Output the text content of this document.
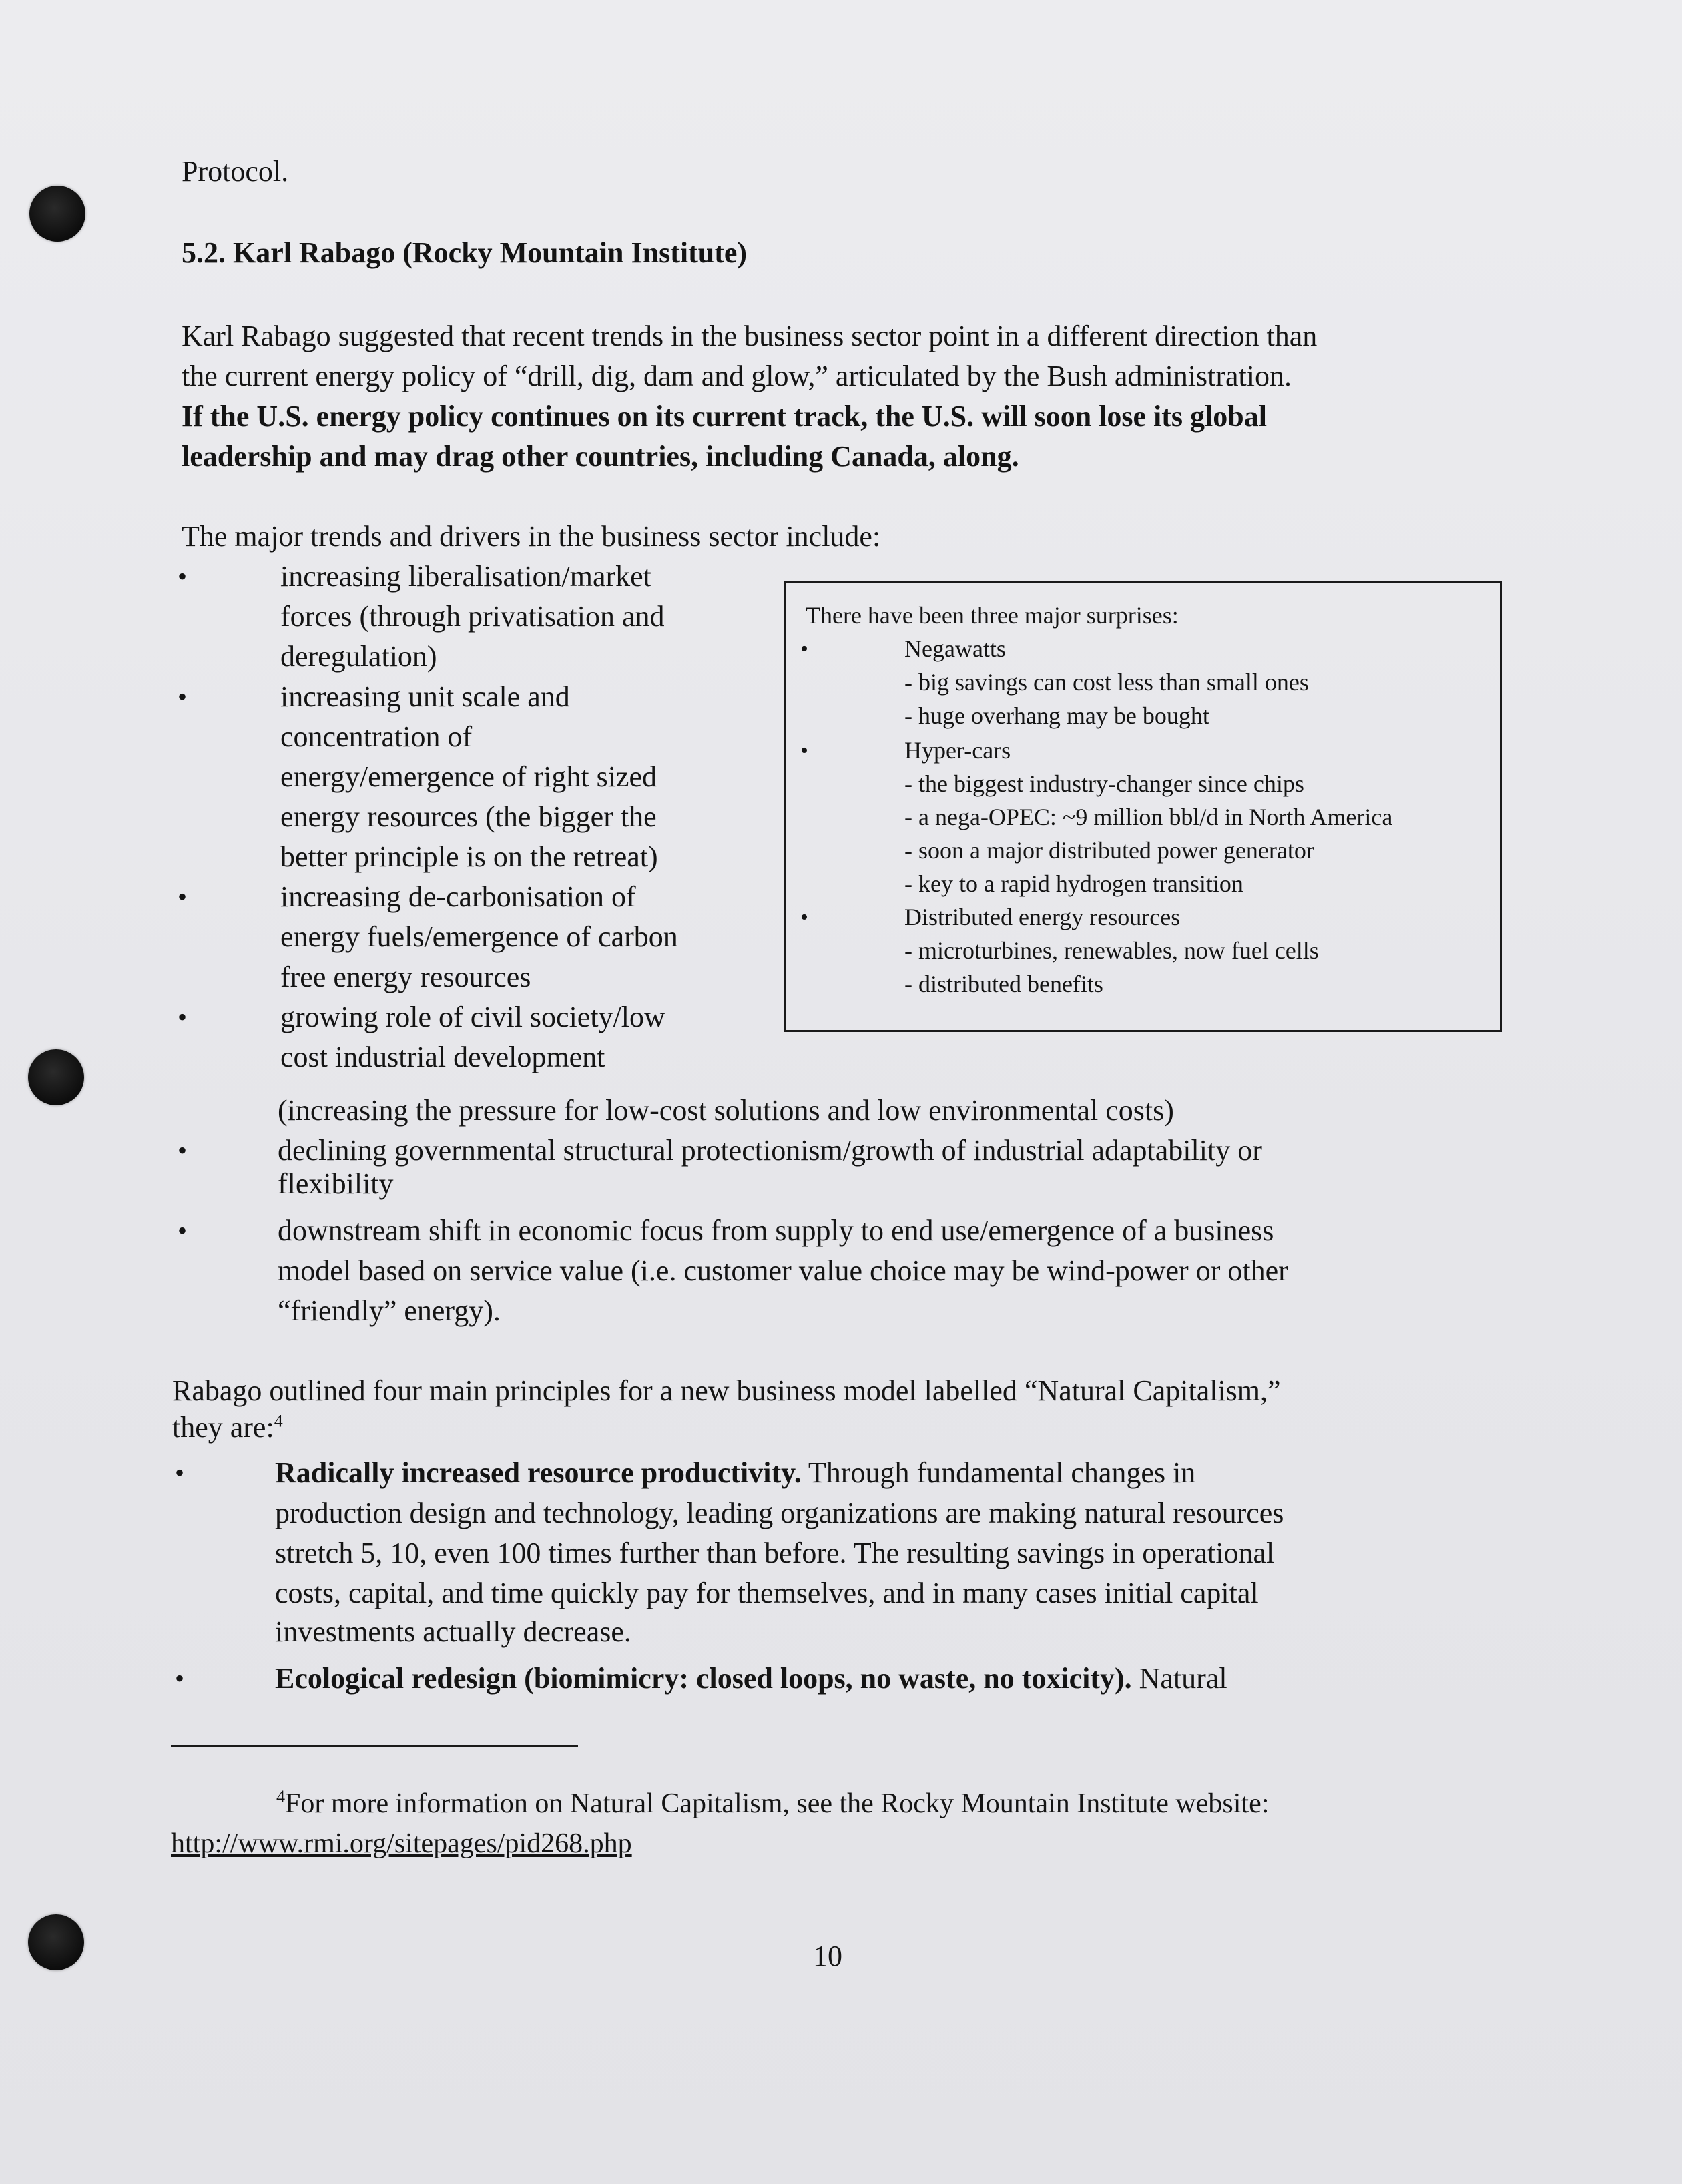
Protocol.
5.2. Karl Rabago (Rocky Mountain Institute)
Karl Rabago suggested that recent trends in the business sector point in a different direction than
the current energy policy of “drill, dig, dam and glow,” articulated by the Bush administration.
If the U.S. energy policy continues on its current track, the U.S. will soon lose its global
leadership and may drag other countries, including Canada, along.
The major trends and drivers in the business sector include:
•
•
•
•
•
•
increasing liberalisation/market
forces (through privatisation and
deregulation)
increasing unit scale and
concentration of
energy/emergence of right sized
energy resources (the bigger the
better principle is on the retreat)
increasing de-carbonisation of
energy fuels/emergence of carbon
free energy resources
growing role of civil society/low
cost industrial development
(increasing the pressure for low-cost solutions and low environmental costs)
declining governmental structural protectionism/growth of industrial adaptability or
flexibility
downstream shift in economic focus from supply to end use/emergence of a business
model based on service value (i.e. customer value choice may be wind-power or other
“friendly” energy).
There have been three major surprises:
•	Negawatts
- big savings can cost less than small ones
- huge overhang may be bought
•	Hyper-cars
- the biggest industry-changer since chips
- a nega-OPEC: ~9 million bbl/d in North America
- soon a major distributed power generator
- key to a rapid hydrogen transition
•	Distributed energy resources
- microturbines, renewables, now fuel cells
- distributed benefits
Rabago outlined four main principles for a new business model labelled “Natural Capitalism,”
they are:$^4$
•	Radically increased resource productivity. Through fundamental changes in
production design and technology, leading organizations are making natural resources
stretch 5, 10, even 100 times further than before. The resulting savings in operational
costs, capital, and time quickly pay for themselves, and in many cases initial capital
investments actually decrease.
•	Ecological redesign (biomimicry: closed loops, no waste, no toxicity). Natural
$^4$For more information on Natural Capitalism, see the Rocky Mountain Institute website:
http://www.rmi.org/sitepages/pid268.php
10
